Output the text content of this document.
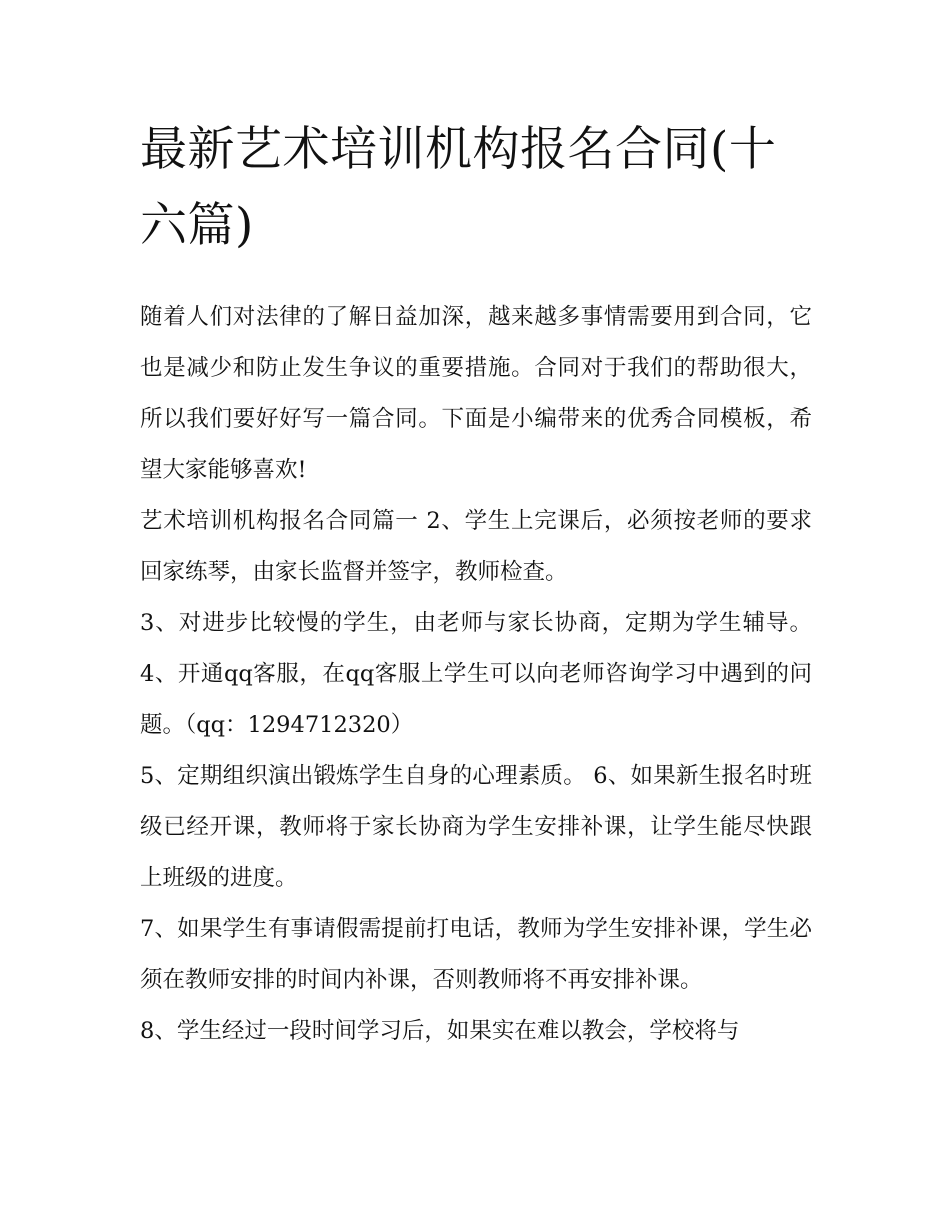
最新艺术培训机构报名合同(十六篇)

随着人们对法律的了解日益加深，越来越多事情需要用到合同，它也是减少和防止发生争议的重要措施。合同对于我们的帮助很大，所以我们要好好写一篇合同。下面是小编带来的优秀合同模板，希望大家能够喜欢!

艺术培训机构报名合同篇一 2、学生上完课后，必须按老师的要求回家练琴，由家长监督并签字，教师检查。

3、对进步比较慢的学生，由老师与家长协商，定期为学生辅导。 4、开通qq客服，在qq客服上学生可以向老师咨询学习中遇到的问题。（qq：1294712320）

5、定期组织演出锻炼学生自身的心理素质。 6、如果新生报名时班级已经开课，教师将于家长协商为学生安排补课，让学生能尽快跟上班级的进度。

7、如果学生有事请假需提前打电话，教师为学生安排补课，学生必须在教师安排的时间内补课，否则教师将不再安排补课。

8、学生经过一段时间学习后，如果实在难以教会，学校将与
